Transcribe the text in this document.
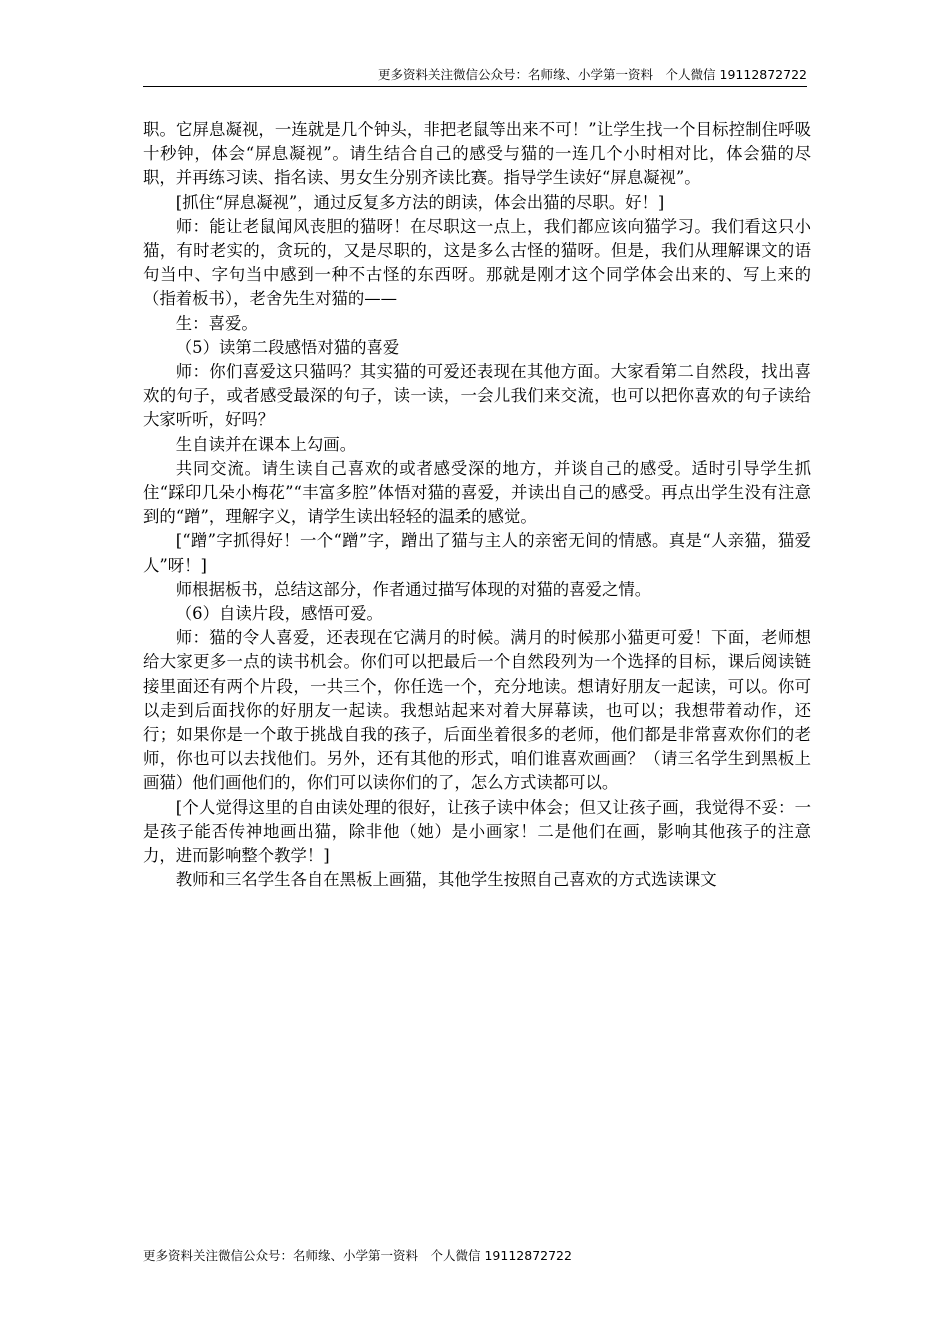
更多资料关注微信公众号：名师缘、小学第一资料　个人微信 19112872722

职。它屏息凝视，一连就是几个钟头，非把老鼠等出来不可！”让学生找一个目标控制住呼吸十秒钟，体会“屏息凝视”。请生结合自己的感受与猫的一连几个小时相对比，体会猫的尽职，并再练习读、指名读、男女生分别齐读比赛。指导学生读好“屏息凝视”。

[抓住“屏息凝视”，通过反复多方法的朗读，体会出猫的尽职。好！]

师：能让老鼠闻风丧胆的猫呀！在尽职这一点上，我们都应该向猫学习。我们看这只小猫，有时老实的，贪玩的，又是尽职的，这是多么古怪的猫呀。但是，我们从理解课文的语句当中、字句当中感到一种不古怪的东西呀。那就是刚才这个同学体会出来的、写上来的（指着板书），老舍先生对猫的——

生：喜爱。

（5）读第二段感悟对猫的喜爱

师：你们喜爱这只猫吗？其实猫的可爱还表现在其他方面。大家看第二自然段，找出喜欢的句子，或者感受最深的句子，读一读，一会儿我们来交流，也可以把你喜欢的句子读给大家听听，好吗？

生自读并在课本上勾画。

共同交流。请生读自己喜欢的或者感受深的地方，并谈自己的感受。适时引导学生抓住“踩印几朵小梅花”“丰富多腔”体悟对猫的喜爱，并读出自己的感受。再点出学生没有注意到的“蹭”，理解字义，请学生读出轻轻的温柔的感觉。

[“蹭”字抓得好！一个“蹭”字，蹭出了猫与主人的亲密无间的情感。真是“人亲猫，猫爱人”呀！]

师根据板书，总结这部分，作者通过描写体现的对猫的喜爱之情。

（6）自读片段，感悟可爱。

师：猫的令人喜爱，还表现在它满月的时候。满月的时候那小猫更可爱！下面，老师想给大家更多一点的读书机会。你们可以把最后一个自然段列为一个选择的目标，课后阅读链接里面还有两个片段，一共三个，你任选一个，充分地读。想请好朋友一起读，可以。你可以走到后面找你的好朋友一起读。我想站起来对着大屏幕读，也可以；我想带着动作，还行；如果你是一个敢于挑战自我的孩子，后面坐着很多的老师，他们都是非常喜欢你们的老师，你也可以去找他们。另外，还有其他的形式，咱们谁喜欢画画？（请三名学生到黑板上画猫）他们画他们的，你们可以读你们的了，怎么方式读都可以。

[个人觉得这里的自由读处理的很好，让孩子读中体会；但又让孩子画，我觉得不妥：一是孩子能否传神地画出猫，除非他（她）是小画家！二是他们在画，影响其他孩子的注意力，进而影响整个教学！]

教师和三名学生各自在黑板上画猫，其他学生按照自己喜欢的方式选读课文

更多资料关注微信公众号：名师缘、小学第一资料　个人微信 19112872722
